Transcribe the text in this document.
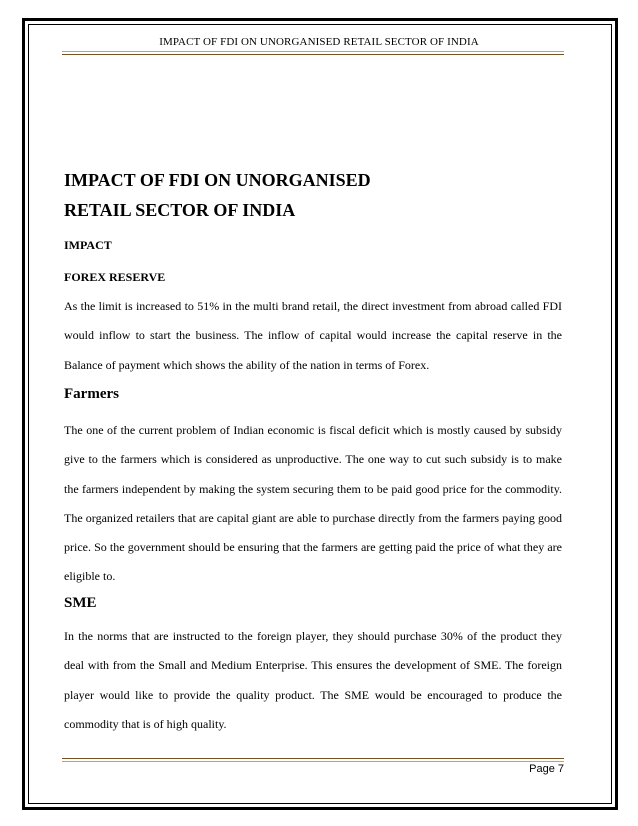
IMPACT OF FDI ON UNORGANISED RETAIL SECTOR OF INDIA
IMPACT OF FDI ON UNORGANISED
RETAIL SECTOR OF INDIA
IMPACT
FOREX RESERVE
As the limit is increased to 51% in the multi brand retail, the direct investment from abroad called FDI would inflow to start the business. The inflow of capital would increase the capital reserve in the Balance of payment which shows the ability of the nation in terms of Forex.
Farmers
The one of the current problem of Indian economic is fiscal deficit which is mostly caused by subsidy give to the farmers which is considered as unproductive. The one way to cut such subsidy is to make the farmers independent by making the system securing them to be paid good price for the commodity. The organized retailers that are capital giant are able to purchase directly from the farmers paying good price. So the government should be ensuring that the farmers are getting paid the price of what they are eligible to.
SME
In the norms that are instructed to the foreign player, they should purchase 30% of the product they deal with from the Small and Medium Enterprise. This ensures the development of SME. The foreign player would like to provide the quality product. The SME would be encouraged to produce the commodity that is of high quality.
Page 7
